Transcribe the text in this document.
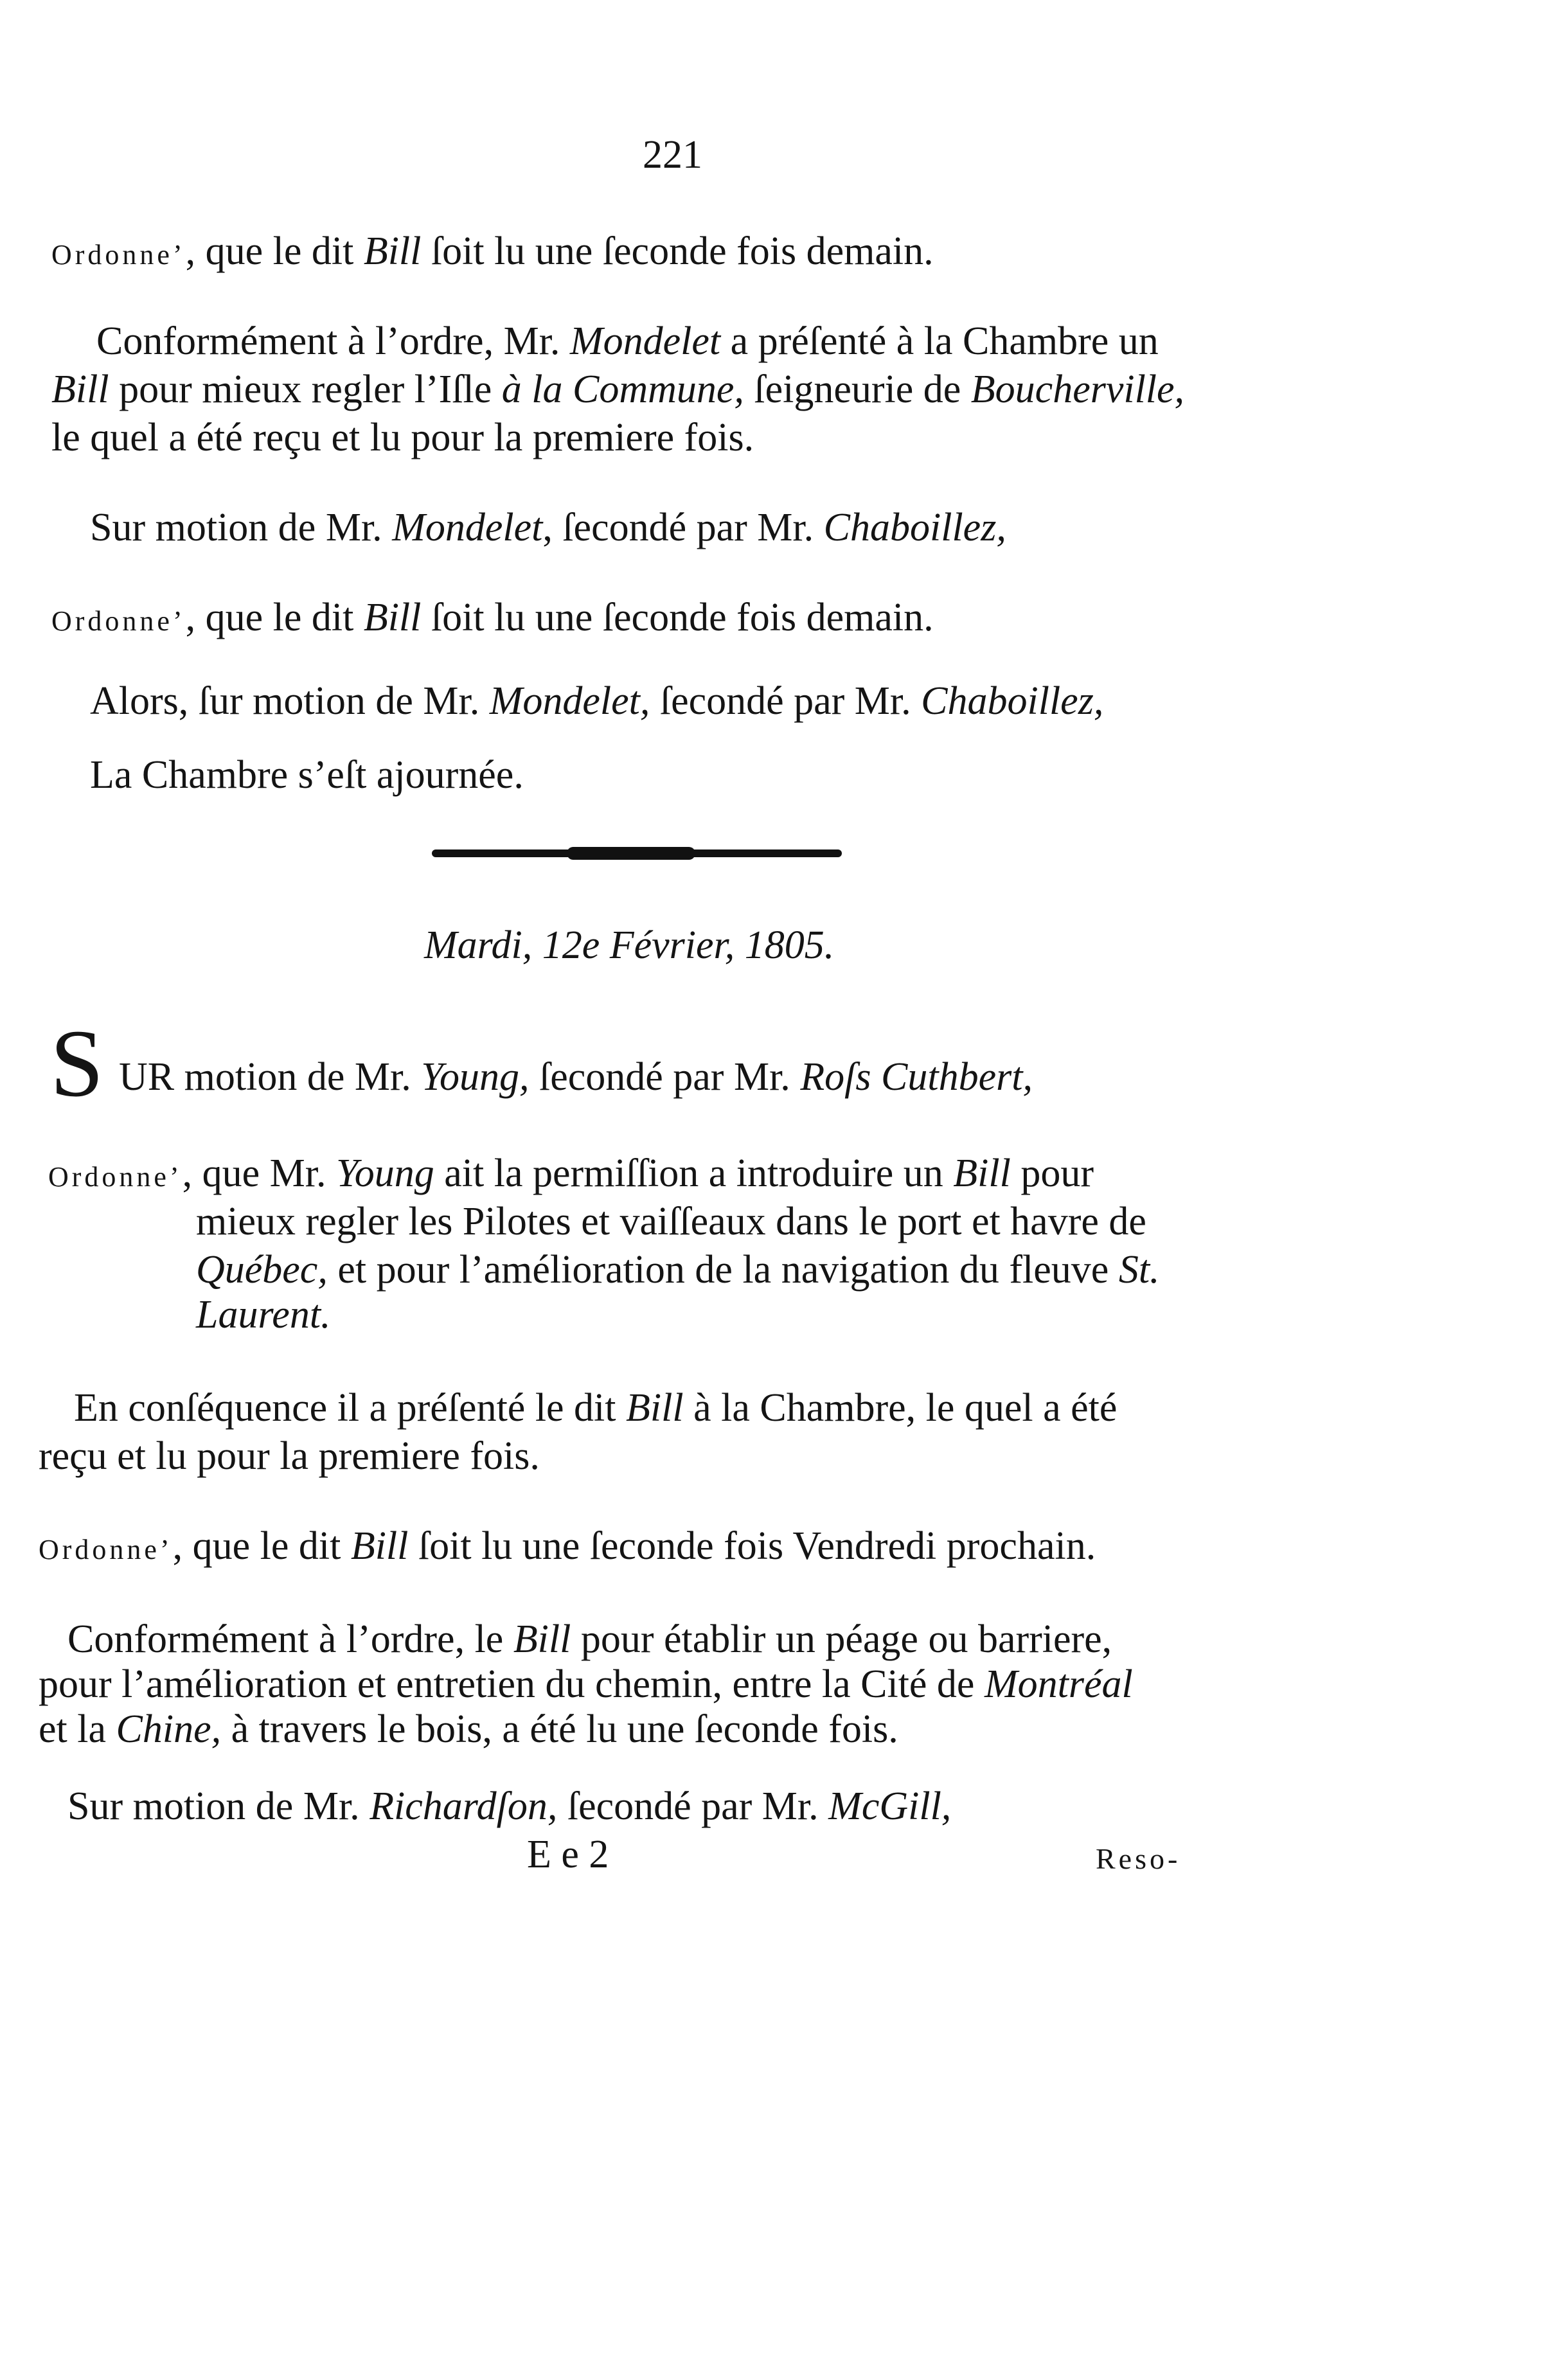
221
Ordonne’, que le dit Bill ſoit lu une ſeconde fois demain.
Conformément à l’ordre, Mr. Mondelet a préſenté à la Chambre un
Bill pour mieux regler l’Iſle à la Commune, ſeigneurie de Boucherville,
le quel a été reçu et lu pour la premiere fois.
Sur motion de Mr. Mondelet, ſecondé par Mr. Chaboillez,
Ordonne’, que le dit Bill ſoit lu une ſeconde fois demain.
Alors, ſur motion de Mr. Mondelet, ſecondé par Mr. Chaboillez,
La Chambre s’eſt ajournée.
Mardi, 12e Février, 1805.
S UR motion de Mr. Young, ſecondé par Mr. Roſs Cuthbert,
Ordonne’, que Mr. Young ait la permiſſion a introduire un Bill pour
mieux regler les Pilotes et vaiſſeaux dans le port et havre de
Québec, et pour l’amélioration de la navigation du fleuve St.
Laurent.
En conſéquence il a préſenté le dit Bill à la Chambre, le quel a été
reçu et lu pour la premiere fois.
Ordonne’, que le dit Bill ſoit lu une ſeconde fois Vendredi prochain.
Conformément à l’ordre, le Bill pour établir un péage ou barriere,
pour l’amélioration et entretien du chemin, entre la Cité de Montréal
et la Chine, à travers le bois, a été lu une ſeconde fois.
Sur motion de Mr. Richardſon, ſecondé par Mr. McGill,
E e 2	Reso-
